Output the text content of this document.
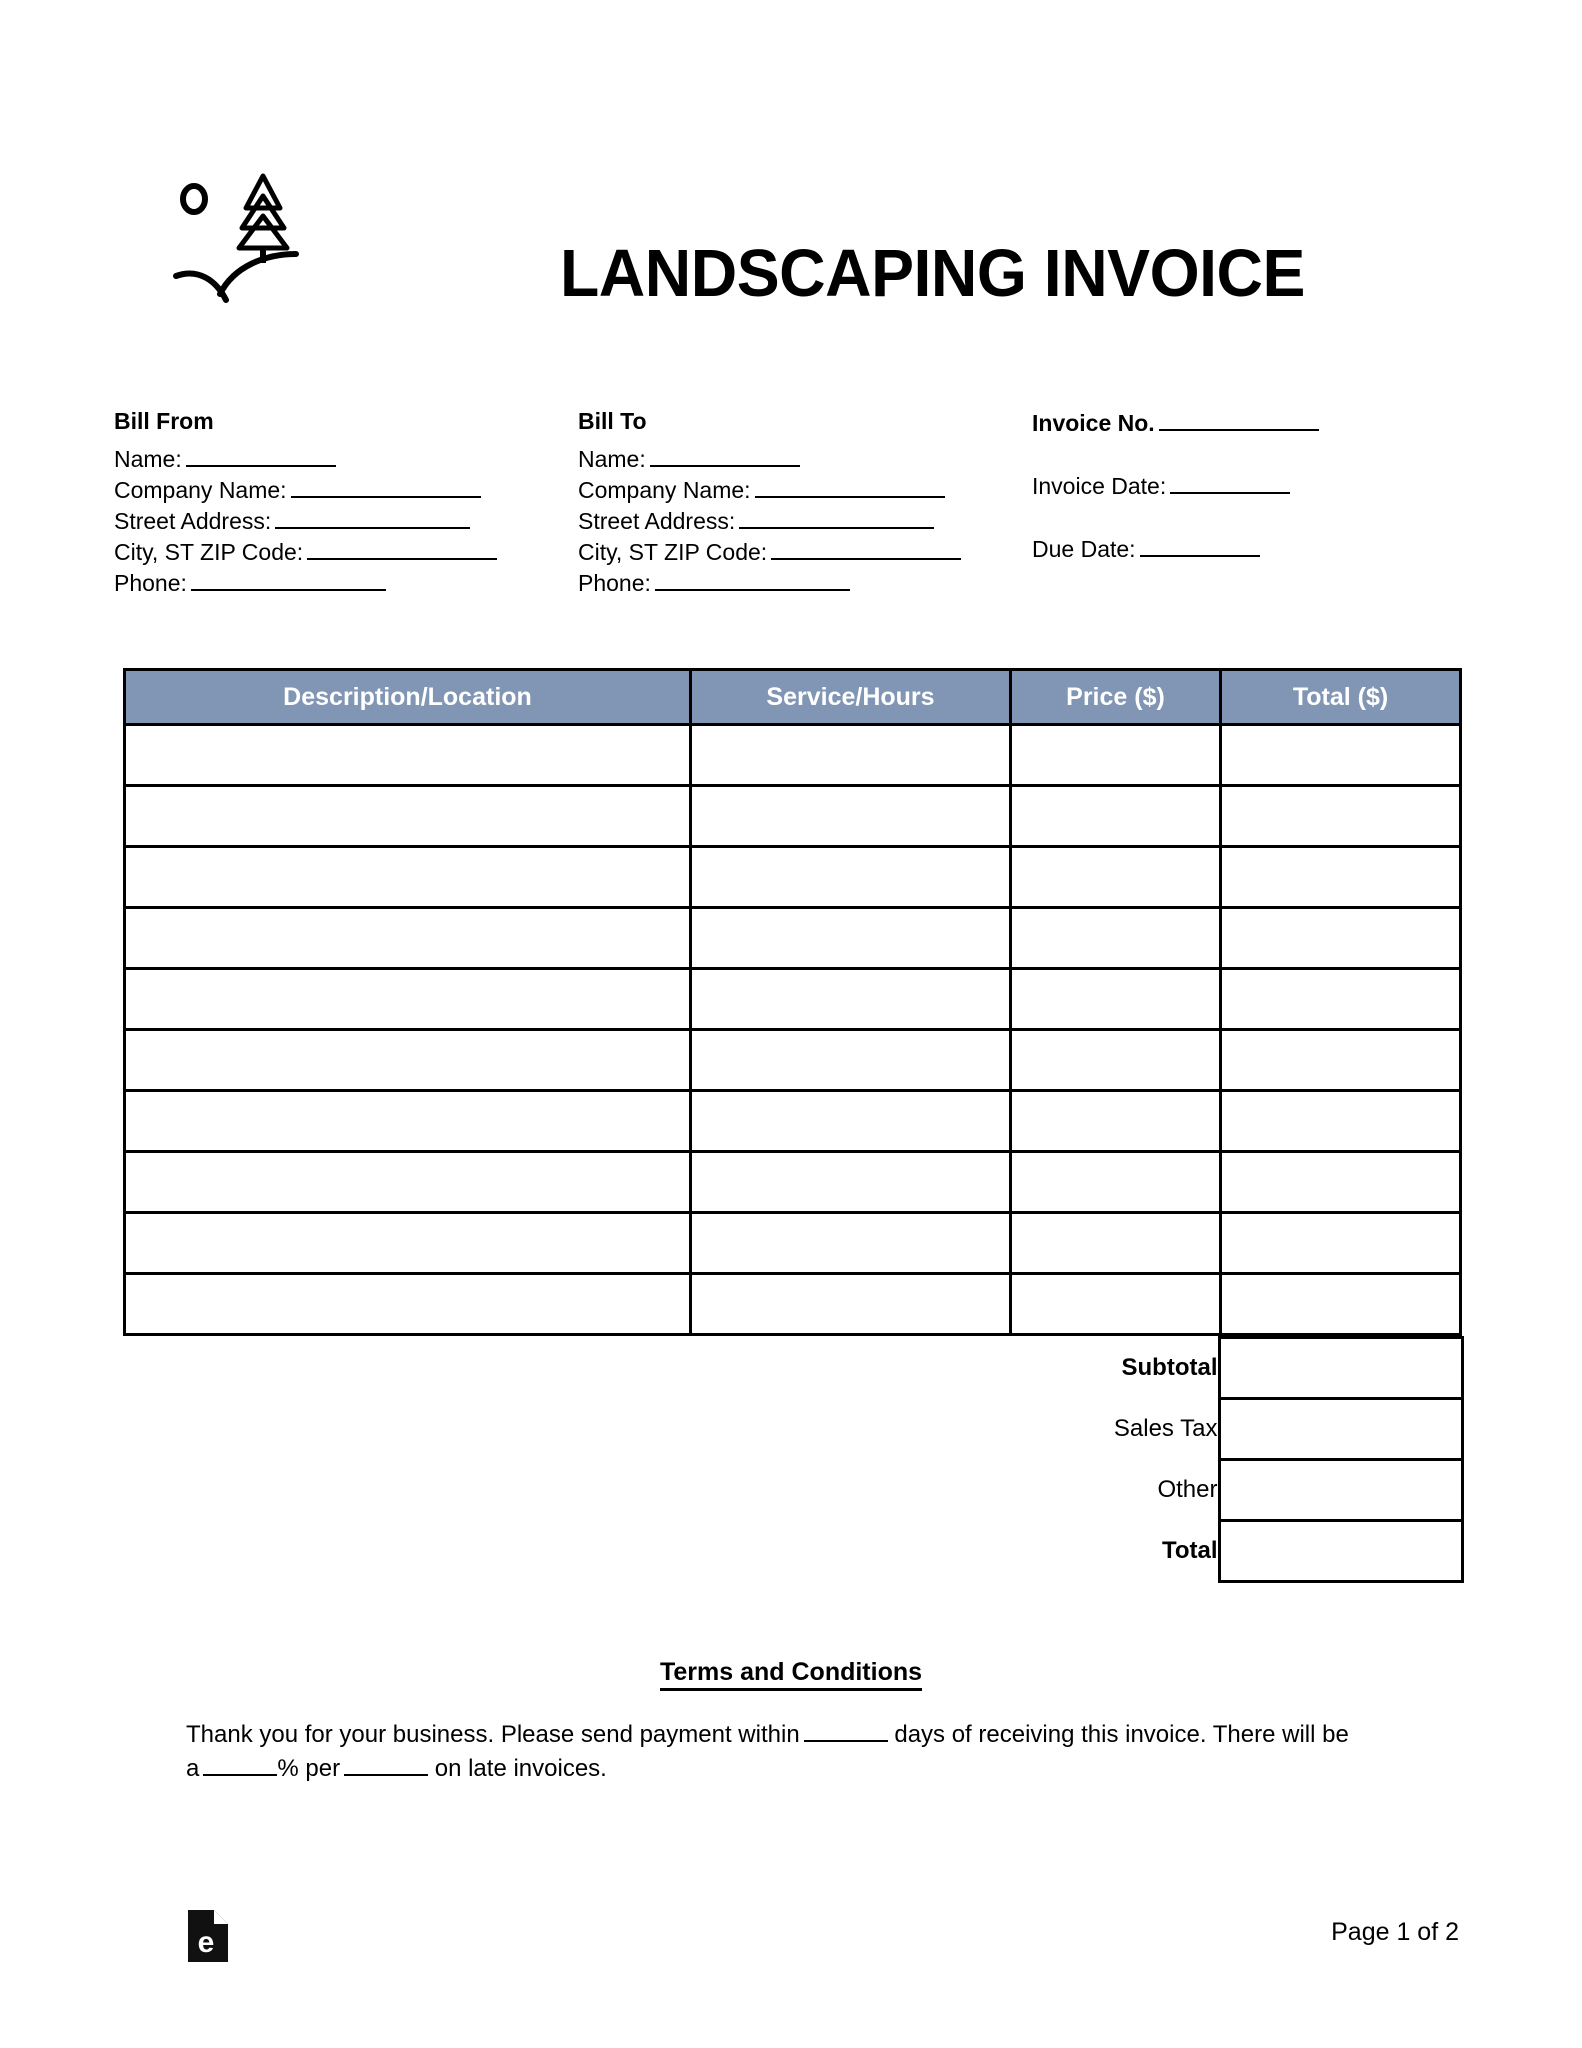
LANDSCAPING INVOICE
Bill From
Name:
Company Name:
Street Address:
City, ST ZIP Code:
Phone:
Bill To
Name:
Company Name:
Street Address:
City, ST ZIP Code:
Phone:
Invoice No.
Invoice Date:
Due Date:
Description/Location	Service/Hours	Price ($)	Total ($)

	Subtotal	
	Sales Tax	
	Other	
	Total	
Terms and Conditions
Thank you for your business. Please send payment within	days of receiving this invoice. There will be a	% per	on late invoices.
e	Page 1 of 2
